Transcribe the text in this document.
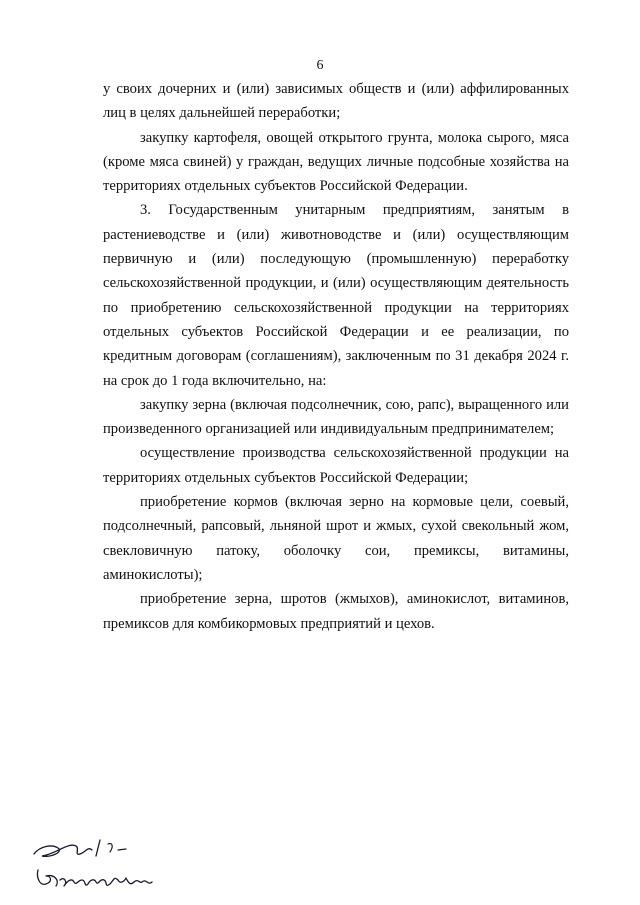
6

у своих дочерних и (или) зависимых обществ и (или) аффилированных лиц в целях дальнейшей переработки;

закупку картофеля, овощей открытого грунта, молока сырого, мяса (кроме мяса свиней) у граждан, ведущих личные подсобные хозяйства на территориях отдельных субъектов Российской Федерации.

3. Государственным унитарным предприятиям, занятым в растениеводстве и (или) животноводстве и (или) осуществляющим первичную и (или) последующую (промышленную) переработку сельскохозяйственной продукции, и (или) осуществляющим деятельность по приобретению сельскохозяйственной продукции на территориях отдельных субъектов Российской Федерации и ее реализации, по кредитным договорам (соглашениям), заключенным по 31 декабря 2024 г. на срок до 1 года включительно, на:

закупку зерна (включая подсолнечник, сою, рапс), выращенного или произведенного организацией или индивидуальным предпринимателем;

осуществление производства сельскохозяйственной продукции на территориях отдельных субъектов Российской Федерации;

приобретение кормов (включая зерно на кормовые цели, соевый, подсолнечный, рапсовый, льняной шрот и жмых, сухой свекольный жом, свекловичную патоку, оболочку сои, премиксы, витамины, аминокислоты);

приобретение зерна, шротов (жмыхов), аминокислот, витаминов, премиксов для комбикормовых предприятий и цехов.
